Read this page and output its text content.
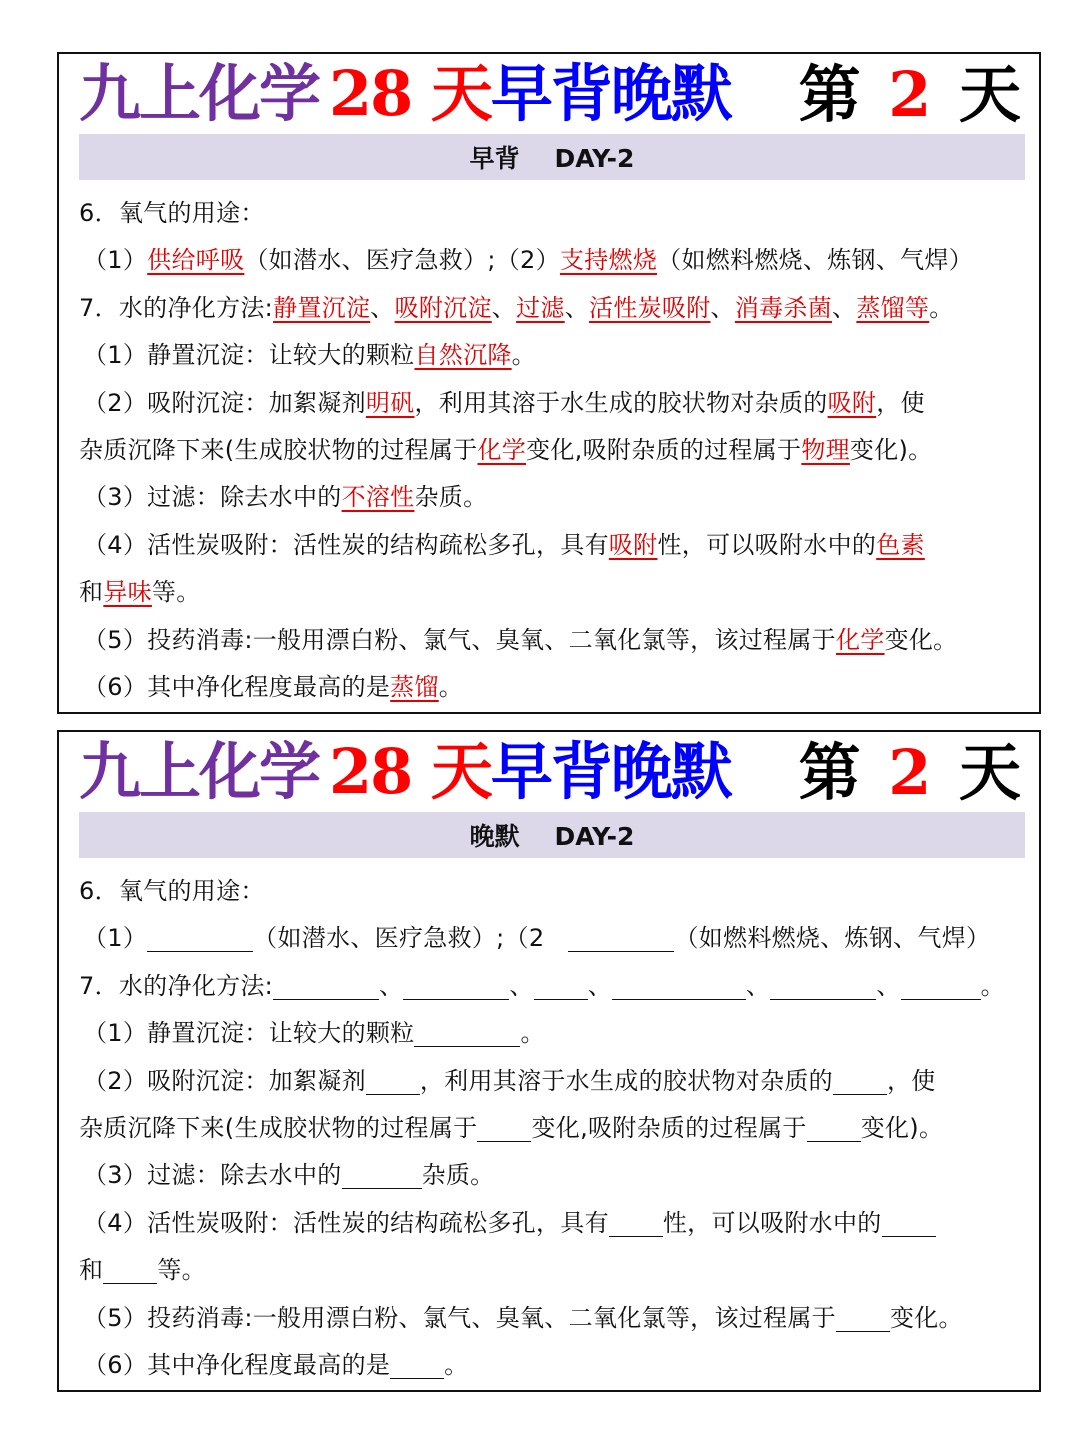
九上化学 28 天早背晚默 第 2 天
早背    DAY-2
6．氧气的用途：
（1）供给呼吸（如潜水、医疗急救）;（2）支持燃烧（如燃料燃烧、炼钢、气焊）
7．水的净化方法:静置沉淀、吸附沉淀、过滤、活性炭吸附、消毒杀菌、蒸馏等。
（1）静置沉淀：让较大的颗粒自然沉降。
（2）吸附沉淀：加絮凝剂明矾，利用其溶于水生成的胶状物对杂质的吸附，使
杂质沉降下来(生成胶状物的过程属于化学变化,吸附杂质的过程属于物理变化)。
（3）过滤：除去水中的不溶性杂质。
（4）活性炭吸附：活性炭的结构疏松多孔，具有吸附性，可以吸附水中的色素
和异味等。
（5）投药消毒:一般用漂白粉、氯气、臭氧、二氧化氯等，该过程属于化学变化。
（6）其中净化程度最高的是蒸馏。
九上化学 28 天早背晚默 第 2 天
晚默    DAY-2
6．氧气的用途：
（1）	（如潜水、医疗急救）;（2	（如燃料燃烧、炼钢、气焊）
7．水的净化方法:	、	、 、	、	、	。
（1）静置沉淀：让较大的颗粒	。
（2）吸附沉淀：加絮凝剂 ，利用其溶于水生成的胶状物对杂质的 ，使
杂质沉降下来(生成胶状物的过程属于 变化,吸附杂质的过程属于 变化)。
（3）过滤：除去水中的	杂质。
（4）活性炭吸附：活性炭的结构疏松多孔，具有 性，可以吸附水中的
和 等。
（5）投药消毒:一般用漂白粉、氯气、臭氧、二氧化氯等，该过程属于 变化。
（6）其中净化程度最高的是 。
